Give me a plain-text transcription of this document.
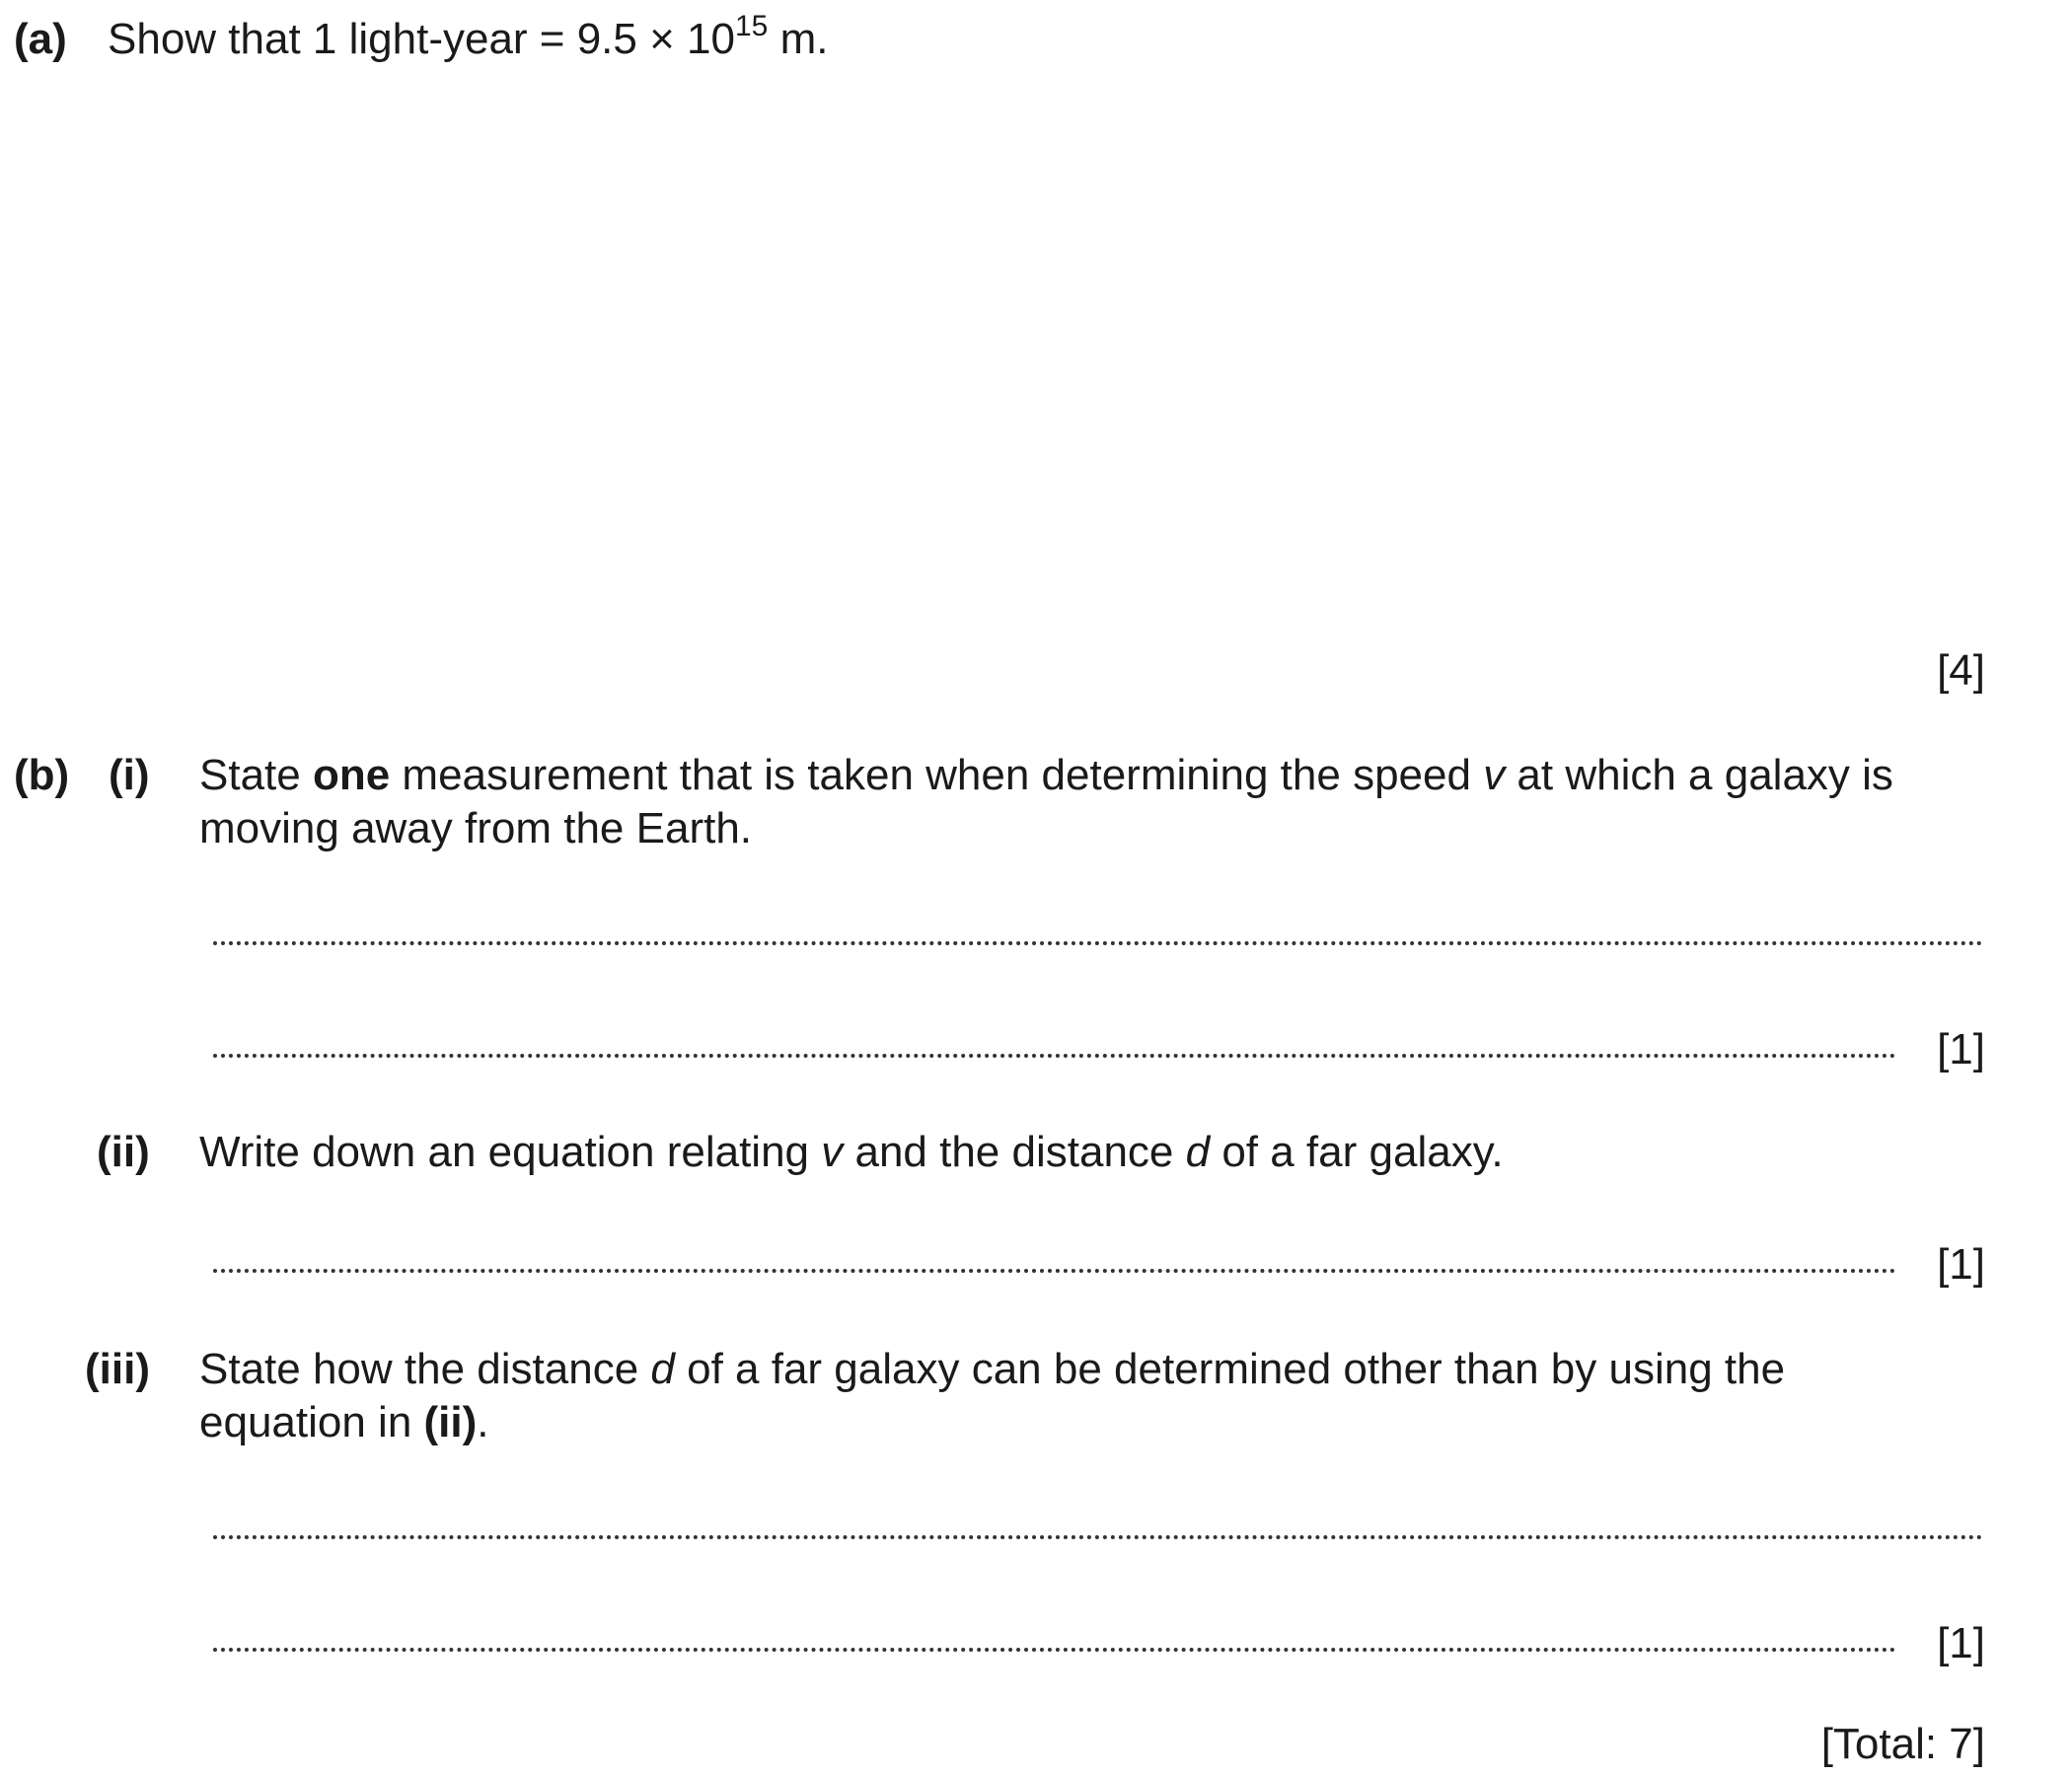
(a) Show that 1 light-year = $9.5 \times 10^{15}$ m.
[4]
(b) (i) State one measurement that is taken when determining the speed v at which a galaxy is
moving away from the Earth.
[1]
(ii) Write down an equation relating v and the distance d of a far galaxy.
[1]
(iii) State how the distance d of a far galaxy can be determined other than by using the
equation in (ii).
[1]
[Total: 7]
